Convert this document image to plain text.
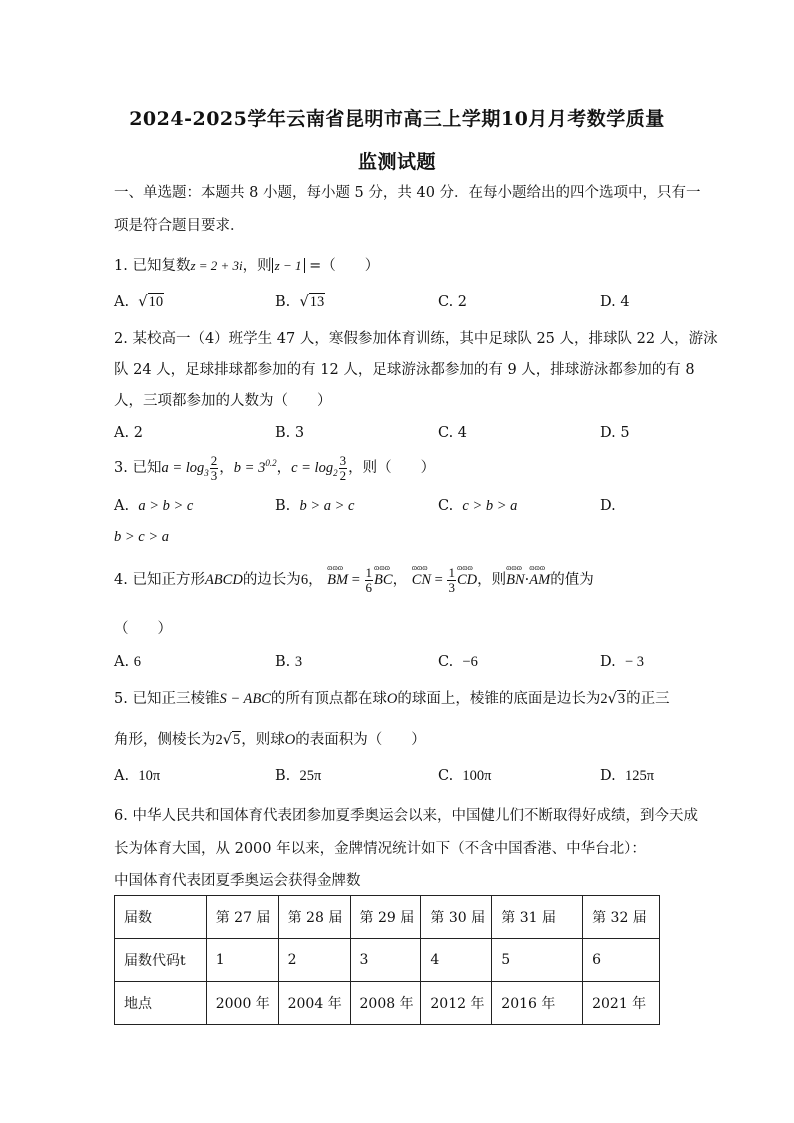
2024-2025学年云南省昆明市高三上学期10月月考数学质量
监测试题
一、单选题：本题共 8 小题，每小题 5 分，共 40 分．在每小题给出的四个选项中，只有一
项是符合题目要求．
1. 已知复数z = 2 + 3i，则 z − 1 =（　　）
A.  √10	B.  √13	C. 2	D. 4
2. 某校高一（4）班学生 47 人，寒假参加体育训练，其中足球队 25 人，排球队 22 人，游泳
队 24 人，足球排球都参加的有 12 人，足球游泳都参加的有 9 人，排球游泳都参加的有 8
人，三项都参加的人数为（　　）
A. 2	B. 3	C. 4	D. 5
3. 已知$a = \log_3 \frac{2}{3}$ ，$b = 3^{0.2}$，$c = \log_2 \frac{3}{2}$ ，则（　　）
A. a > b > c	B. b > a > c	C. c > b > a	D.
b > c > a
4. 已知正方形ABCD的边长为6， ɷɷɷ BM = $\frac{1}{6}$ ɷɷɷ BC， ɷɷɷ CN = $\frac{1}{3}$ ɷɷɷ CD，则ɷɷɷ BN·ɷɷɷ AM的值为
（　　）
A. 6	B. 3	C. −6	D. − 3
5. 已知正三棱锥S − ABC的所有顶点都在球O的球面上，棱锥的底面是边长为2√3的正三
角形，侧棱长为2√5，则球O的表面积为（　　）
A. 10π	B. 25π	C. 100π	D. 125π
6. 中华人民共和国体育代表团参加夏季奥运会以来，中国健儿们不断取得好成绩，到今天成
长为体育大国，从 2000 年以来，金牌情况统计如下（不含中国香港、中华台北）：
中国体育代表团夏季奥运会获得金牌数
届数	第 27 届	第 28 届	第 29 届	第 30 届	第 31 届	第 32 届
届数代码t	1	2	3	4	5	6
地点	2000 年	2004 年	2008 年	2012 年	2016 年	2021 年
